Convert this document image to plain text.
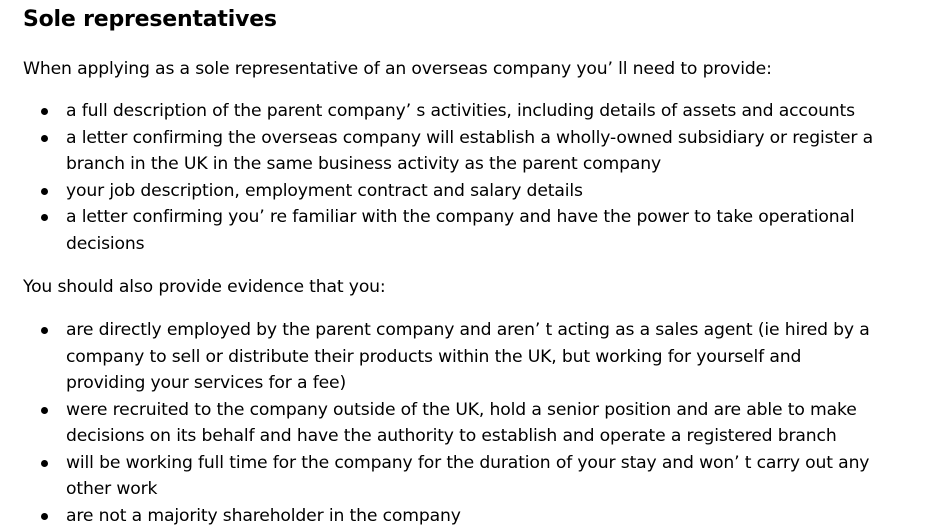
Sole representatives

When applying as a sole representative of an overseas company you’ ll need to provide:

a full description of the parent company’ s activities, including details of assets and accounts
a letter confirming the overseas company will establish a wholly-owned subsidiary or register a
branch in the UK in the same business activity as the parent company
your job description, employment contract and salary details
a letter confirming you’ re familiar with the company and have the power to take operational
decisions

You should also provide evidence that you:

are directly employed by the parent company and aren’ t acting as a sales agent (ie hired by a
company to sell or distribute their products within the UK, but working for yourself and
providing your services for a fee)
were recruited to the company outside of the UK, hold a senior position and are able to make
decisions on its behalf and have the authority to establish and operate a registered branch
will be working full time for the company for the duration of your stay and won’ t carry out any
other work
are not a majority shareholder in the company
